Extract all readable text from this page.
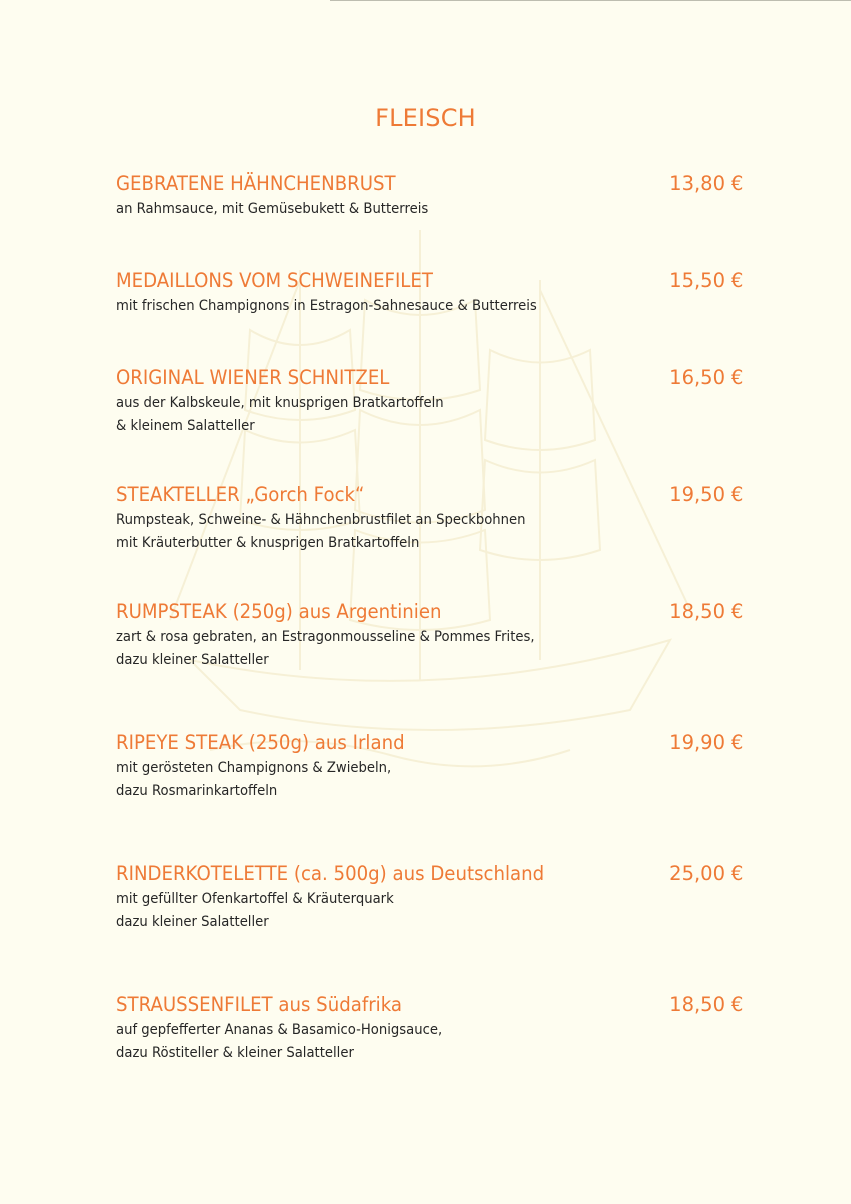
FLEISCH
GEBRATENE HÄHNCHENBRUST
an Rahmsauce, mit Gemüsebukett & Butterreis
13,80 €
MEDAILLONS VOM SCHWEINEFILET
mit frischen Champignons in Estragon-Sahnesauce & Butterreis
15,50 €
ORIGINAL WIENER SCHNITZEL
aus der Kalbskeule, mit knusprigen Bratkartoffeln
& kleinem Salatteller
16,50 €
STEAKTELLER „Gorch Fock“
Rumpsteak, Schweine- & Hähnchenbrustfilet an Speckbohnen
mit Kräuterbutter & knusprigen Bratkartoffeln
19,50 €
RUMPSTEAK (250g) aus Argentinien
zart & rosa gebraten, an Estragonmousseline & Pommes Frites,
dazu kleiner Salatteller
18,50 €
RIPEYE STEAK (250g) aus Irland
mit gerösteten Champignons & Zwiebeln,
dazu Rosmarinkartoffeln
19,90 €
RINDERKOTELETTE (ca. 500g) aus Deutschland
mit gefüllter Ofenkartoffel & Kräuterquark
dazu kleiner Salatteller
25,00 €
STRAUSSENFILET aus Südafrika
auf gepfefferter Ananas & Basamico-Honigsauce,
dazu Röstiteller & kleiner Salatteller
18,50 €
